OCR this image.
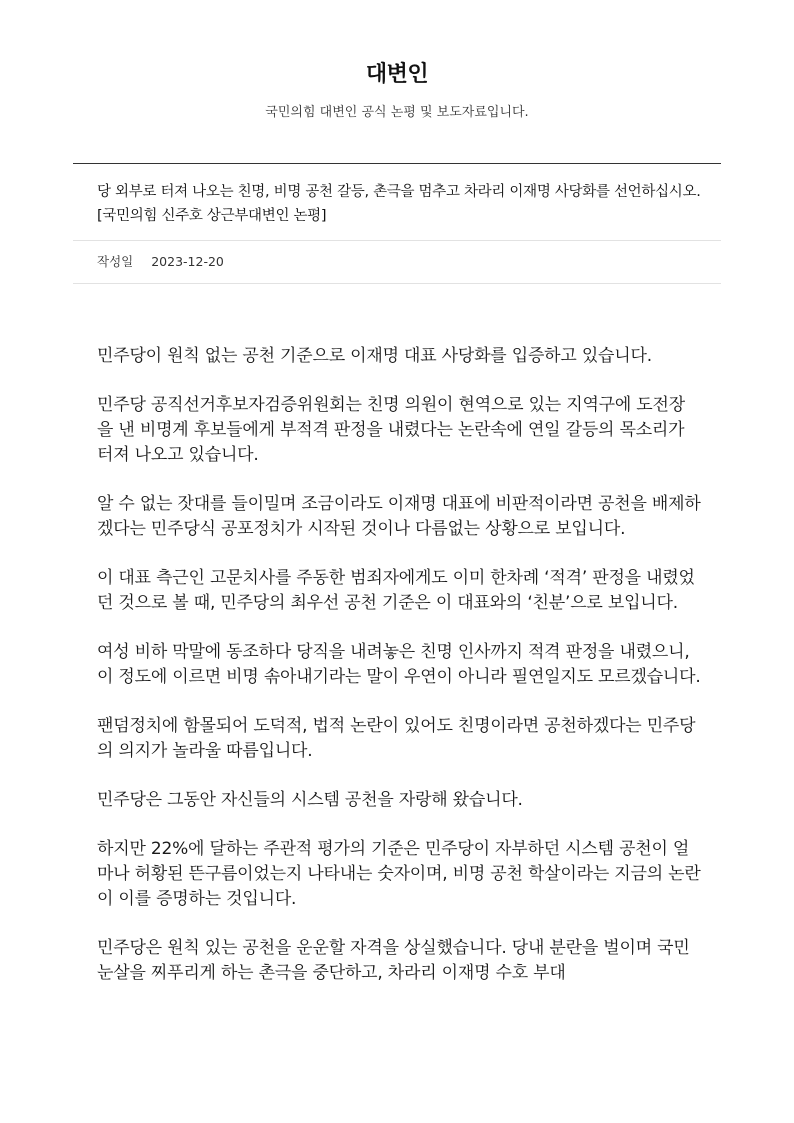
대변인

국민의힘 대변인 공식 논평 및 보도자료입니다.

당 외부로 터져 나오는 친명, 비명 공천 갈등, 촌극을 멈추고 차라리 이재명 사당화를 선언하십시오. [국민의힘 신주호 상근부대변인 논평]
작성일 2023-12-20

민주당이 원칙 없는 공천 기준으로 이재명 대표 사당화를 입증하고 있습니다.

민주당 공직선거후보자검증위원회는 친명 의원이 현역으로 있는 지역구에 도전장을 낸 비명계 후보들에게 부적격 판정을 내렸다는 논란속에 연일 갈등의 목소리가 터져 나오고 있습니다.

알 수 없는 잣대를 들이밀며 조금이라도 이재명 대표에 비판적이라면 공천을 배제하겠다는 민주당식 공포정치가 시작된 것이나 다름없는 상황으로 보입니다.

이 대표 측근인 고문치사를 주동한 범죄자에게도 이미 한차례 ‘적격’ 판정을 내렸었던 것으로 볼 때, 민주당의 최우선 공천 기준은 이 대표와의 ‘친분’으로 보입니다.

여성 비하 막말에 동조하다 당직을 내려놓은 친명 인사까지 적격 판정을 내렸으니, 이 정도에 이르면 비명 솎아내기라는 말이 우연이 아니라 필연일지도 모르겠습니다.

팬덤정치에 함몰되어 도덕적, 법적 논란이 있어도 친명이라면 공천하겠다는 민주당의 의지가 놀라울 따름입니다.

민주당은 그동안 자신들의 시스템 공천을 자랑해 왔습니다.

하지만 22%에 달하는 주관적 평가의 기준은 민주당이 자부하던 시스템 공천이 얼마나 허황된 뜬구름이었는지 나타내는 숫자이며, 비명 공천 학살이라는 지금의 논란이 이를 증명하는 것입니다.

민주당은 원칙 있는 공천을 운운할 자격을 상실했습니다. 당내 분란을 벌이며 국민 눈살을 찌푸리게 하는 촌극을 중단하고, 차라리 이재명 수호 부대
